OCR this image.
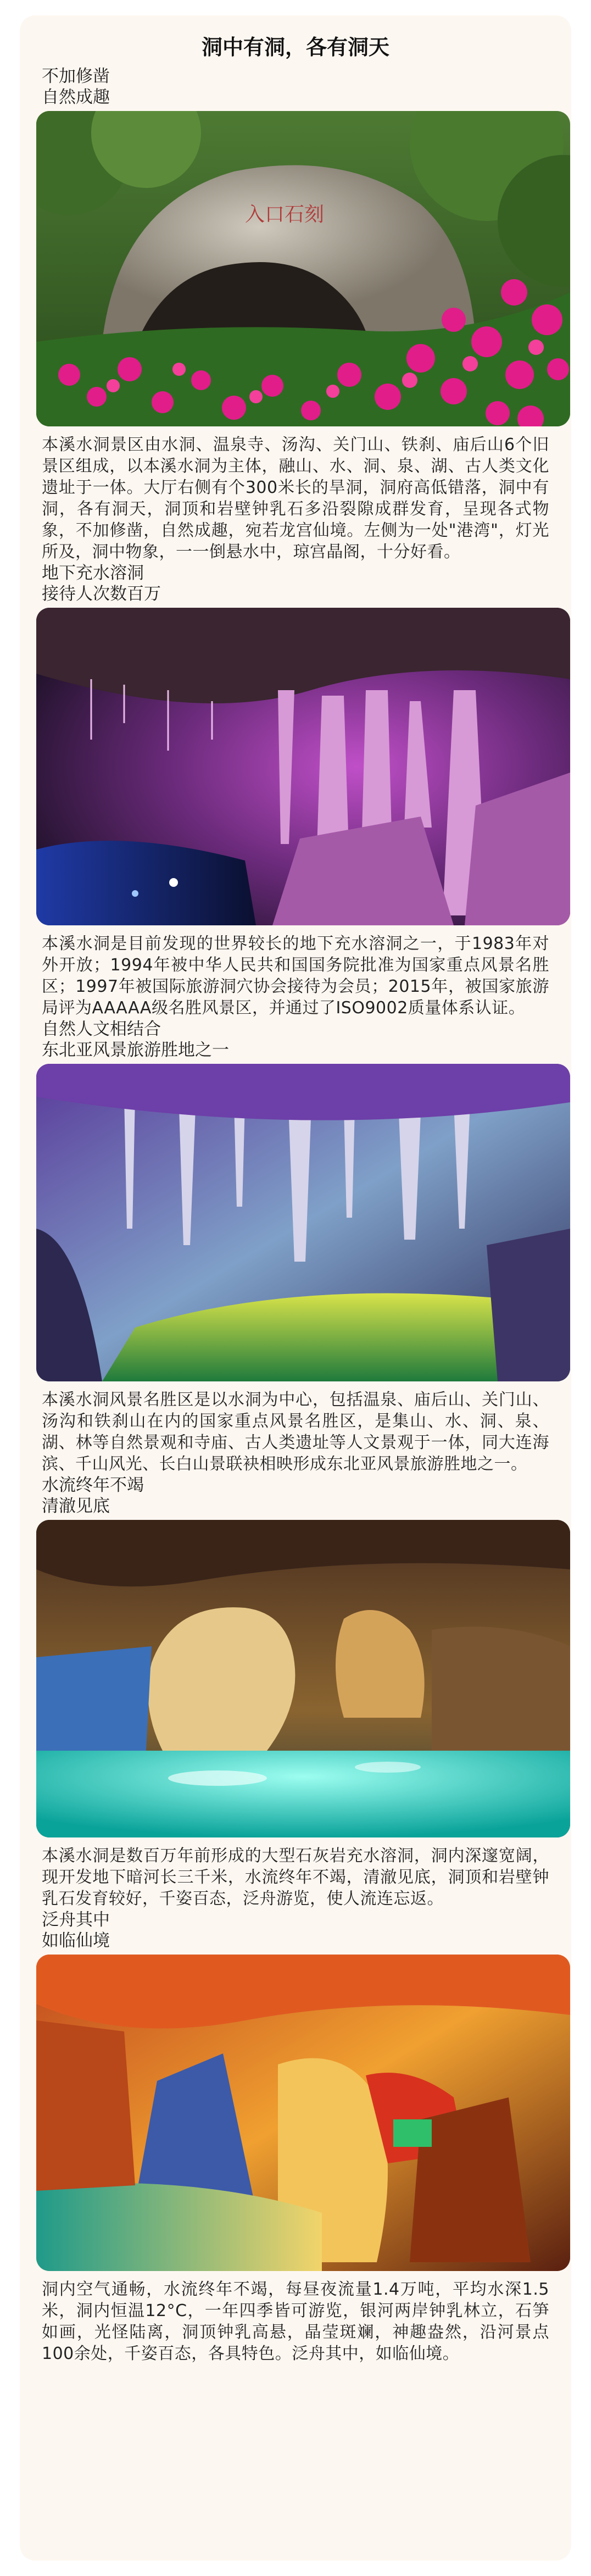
洞中有洞，各有洞天

不加修凿

自然成趣

入口石刻

本溪水洞景区由水洞、温泉寺、汤沟、关门山、铁刹、庙后山6个旧景区组成，以本溪水洞为主体，融山、水、洞、泉、湖、古人类文化遗址于一体。大厅右侧有个300米长的旱洞，洞府高低错落，洞中有洞，各有洞天，洞顶和岩壁钟乳石多沿裂隙成群发育，呈现各式物象，不加修凿，自然成趣，宛若龙宫仙境。左侧为一处"港湾"，灯光所及，洞中物象，一一倒悬水中，琼宫晶阁，十分好看。

地下充水溶洞

接待人次数百万

本溪水洞是目前发现的世界较长的地下充水溶洞之一，于1983年对外开放；1994年被中华人民共和国国务院批准为国家重点风景名胜区；1997年被国际旅游洞穴协会接待为会员；2015年，被国家旅游局评为AAAAA级名胜风景区，并通过了ISO9002质量体系认证。

自然人文相结合

东北亚风景旅游胜地之一

本溪水洞风景名胜区是以水洞为中心，包括温泉、庙后山、关门山、汤沟和铁刹山在内的国家重点风景名胜区，是集山、水、洞、泉、湖、林等自然景观和寺庙、古人类遗址等人文景观于一体，同大连海滨、千山风光、长白山景联袂相映形成东北亚风景旅游胜地之一。

水流终年不竭

清澈见底

本溪水洞是数百万年前形成的大型石灰岩充水溶洞，洞内深邃宽阔，现开发地下暗河长三千米，水流终年不竭，清澈见底，洞顶和岩壁钟乳石发育较好，千姿百态，泛舟游览，使人流连忘返。

泛舟其中

如临仙境

洞内空气通畅，水流终年不竭，每昼夜流量1.4万吨，平均水深1.5米，洞内恒温12°C，一年四季皆可游览，银河两岸钟乳林立，石笋如画，光怪陆离，洞顶钟乳高悬，晶莹斑斓，神趣盎然，沿河景点100余处，千姿百态，各具特色。泛舟其中，如临仙境。
